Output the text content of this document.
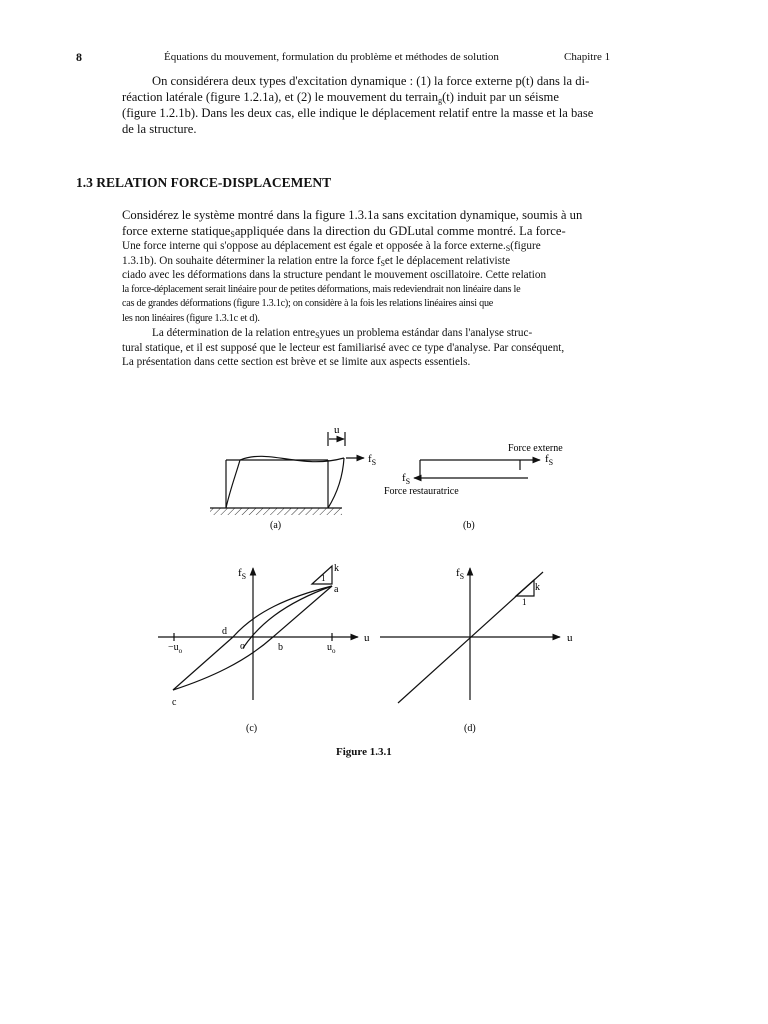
8	Équations du mouvement, formulation du problème et méthodes de solution	Chapitre 1
On considérera deux types d'excitation dynamique : (1) la force externe p(t) dans la di-
réaction latérale (figure 1.2.1a), et (2) le mouvement du terrain$_g$(t) induit par un séisme
(figure 1.2.1b). Dans les deux cas, elle indique le déplacement relatif entre la masse et la base
de la structure.
1.3 RELATION FORCE-DISPLACEMENT
Considérez le système montré dans la figure 1.3.1a sans excitation dynamique, soumis à un
force externe statique$_S$appliquée dans la direction du GDLutal comme montré. La force-
Une force interne qui s'oppose au déplacement est égale et opposée à la force $externe._S(figure$
1.3.1b). On souhaite déterminer la relation entre la force $f_Set$ le déplacement relativiste
ciado avec les déformations dans la structure pendant le mouvement oscillatoire. Cette relation
la force-déplacement serait linéaire pour de petites déformations, mais redeviendrait non linéaire dans le
cas de grandes déformations (figure 1.3.1c); on considère à la fois les relations linéaires ainsi que
les non linéaires (figure 1.3.1c et d).
La détermination de la relation entre$_S$yues un problema estándar dans l'analyse struc-
tural statique, et il est supposé que le lecteur est familiarisé avec ce type d'analyse. Par conséquent,
La présentation dans cette section est brève et se limite aux aspects essentiels.
u
$f_S$
(a)
Force externe
$f_S$
$f_S$
Force restauratrice
(b)
$f_S$
u
k
1
a
b
c
d
o
$-u_o$	$u_o$
(c)
$f_S$
u
k
1
(d)
Figure 1.3.1
